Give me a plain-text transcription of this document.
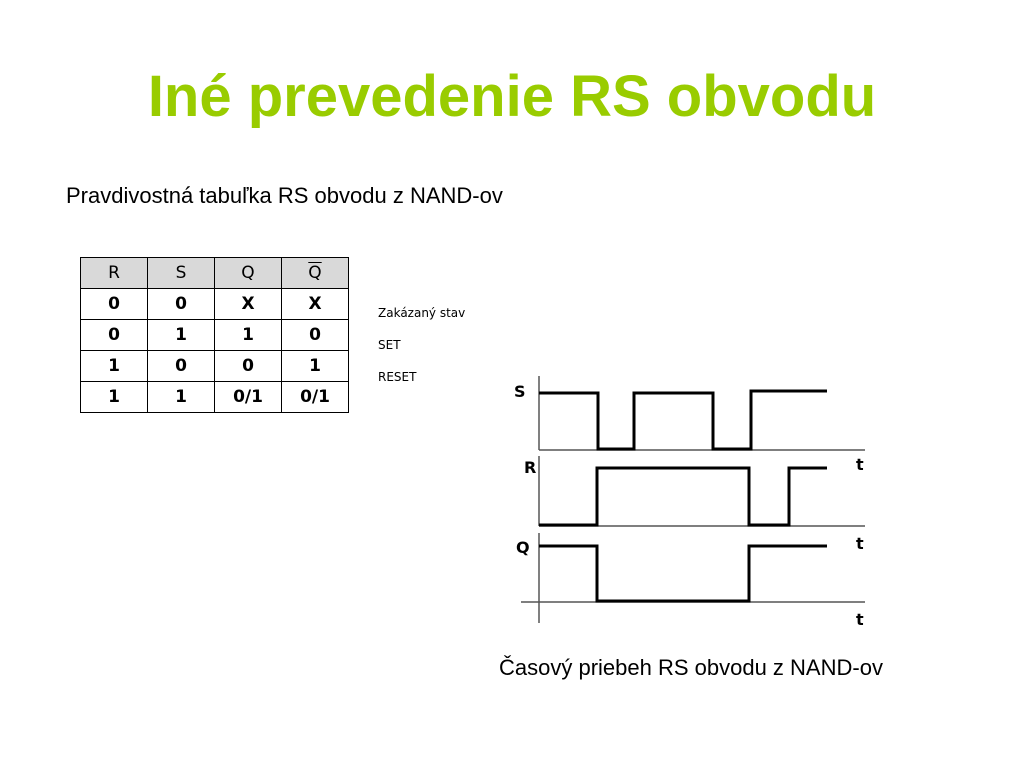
Iné prevedenie RS obvodu
Pravdivostná tabuľka RS obvodu z NAND-ov
R	S	Q	$\overline{Q}$
0	0	X	X
0	1	1	0
1	0	0	1
1	1	0/1	0/1
Zakázaný stav
SET
RESET
S
R
Q
t
t
t
Časový priebeh RS obvodu z NAND-ov
